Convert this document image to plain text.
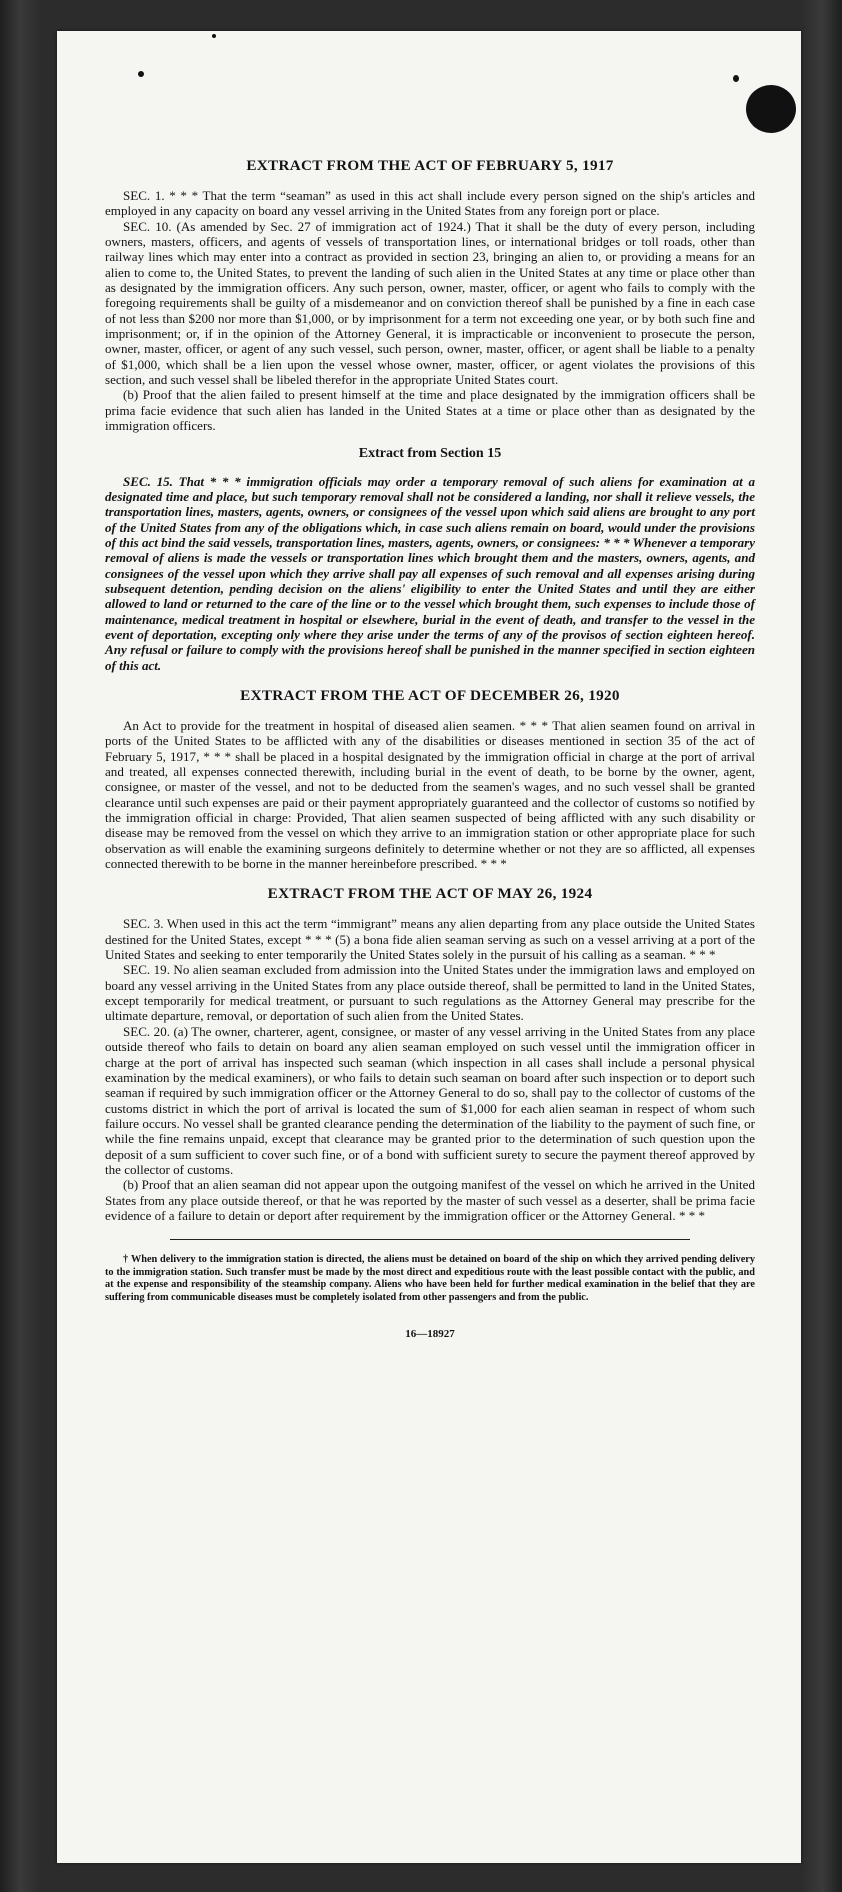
EXTRACT FROM THE ACT OF FEBRUARY 5, 1917

SEC. 1. * * * That the term “seaman” as used in this act shall include every person signed on the ship's articles and employed in any capacity on board any vessel arriving in the United States from any foreign port or place.

SEC. 10. (As amended by Sec. 27 of immigration act of 1924.) That it shall be the duty of every person, including owners, masters, officers, and agents of vessels of transportation lines, or international bridges or toll roads, other than railway lines which may enter into a contract as provided in section 23, bringing an alien to, or providing a means for an alien to come to, the United States, to prevent the landing of such alien in the United States at any time or place other than as designated by the immigration officers. Any such person, owner, master, officer, or agent who fails to comply with the foregoing requirements shall be guilty of a misdemeanor and on conviction thereof shall be punished by a fine in each case of not less than $200 nor more than $1,000, or by imprisonment for a term not exceeding one year, or by both such fine and imprisonment; or, if in the opinion of the Attorney General, it is impracticable or inconvenient to prosecute the person, owner, master, officer, or agent of any such vessel, such person, owner, master, officer, or agent shall be liable to a penalty of $1,000, which shall be a lien upon the vessel whose owner, master, officer, or agent violates the provisions of this section, and such vessel shall be libeled therefor in the appropriate United States court.

(b) Proof that the alien failed to present himself at the time and place designated by the immigration officers shall be prima facie evidence that such alien has landed in the United States at a time or place other than as designated by the immigration officers.

Extract from Section 15

SEC. 15. That * * * immigration officials may order a temporary removal of such aliens for examination at a designated time and place, but such temporary removal shall not be considered a landing, nor shall it relieve vessels, the transportation lines, masters, agents, owners, or consignees of the vessel upon which said aliens are brought to any port of the United States from any of the obligations which, in case such aliens remain on board, would under the provisions of this act bind the said vessels, transportation lines, masters, agents, owners, or consignees: * * * Whenever a temporary removal of aliens is made the vessels or transportation lines which brought them and the masters, owners, agents, and consignees of the vessel upon which they arrive shall pay all expenses of such removal and all expenses arising during subsequent detention, pending decision on the aliens' eligibility to enter the United States and until they are either allowed to land or returned to the care of the line or to the vessel which brought them, such expenses to include those of maintenance, medical treatment in hospital or elsewhere, burial in the event of death, and transfer to the vessel in the event of deportation, excepting only where they arise under the terms of any of the provisos of section eighteen hereof. Any refusal or failure to comply with the provisions hereof shall be punished in the manner specified in section eighteen of this act.

EXTRACT FROM THE ACT OF DECEMBER 26, 1920

An Act to provide for the treatment in hospital of diseased alien seamen. * * * That alien seamen found on arrival in ports of the United States to be afflicted with any of the disabilities or diseases mentioned in section 35 of the act of February 5, 1917, * * * shall be placed in a hospital designated by the immigration official in charge at the port of arrival and treated, all expenses connected therewith, including burial in the event of death, to be borne by the owner, agent, consignee, or master of the vessel, and not to be deducted from the seamen's wages, and no such vessel shall be granted clearance until such expenses are paid or their payment appropriately guaranteed and the collector of customs so notified by the immigration official in charge: Provided, That alien seamen suspected of being afflicted with any such disability or disease may be removed from the vessel on which they arrive to an immigration station or other appropriate place for such observation as will enable the examining surgeons definitely to determine whether or not they are so afflicted, all expenses connected therewith to be borne in the manner hereinbefore prescribed. * * *

EXTRACT FROM THE ACT OF MAY 26, 1924

SEC. 3. When used in this act the term “immigrant” means any alien departing from any place outside the United States destined for the United States, except * * * (5) a bona fide alien seaman serving as such on a vessel arriving at a port of the United States and seeking to enter temporarily the United States solely in the pursuit of his calling as a seaman. * * *

SEC. 19. No alien seaman excluded from admission into the United States under the immigration laws and employed on board any vessel arriving in the United States from any place outside thereof, shall be permitted to land in the United States, except temporarily for medical treatment, or pursuant to such regulations as the Attorney General may prescribe for the ultimate departure, removal, or deportation of such alien from the United States.

SEC. 20. (a) The owner, charterer, agent, consignee, or master of any vessel arriving in the United States from any place outside thereof who fails to detain on board any alien seaman employed on such vessel until the immigration officer in charge at the port of arrival has inspected such seaman (which inspection in all cases shall include a personal physical examination by the medical examiners), or who fails to detain such seaman on board after such inspection or to deport such seaman if required by such immigration officer or the Attorney General to do so, shall pay to the collector of customs of the customs district in which the port of arrival is located the sum of $1,000 for each alien seaman in respect of whom such failure occurs. No vessel shall be granted clearance pending the determination of the liability to the payment of such fine, or while the fine remains unpaid, except that clearance may be granted prior to the determination of such question upon the deposit of a sum sufficient to cover such fine, or of a bond with sufficient surety to secure the payment thereof approved by the collector of customs.

(b) Proof that an alien seaman did not appear upon the outgoing manifest of the vessel on which he arrived in the United States from any place outside thereof, or that he was reported by the master of such vessel as a deserter, shall be prima facie evidence of a failure to detain or deport after requirement by the immigration officer or the Attorney General. * * *

† When delivery to the immigration station is directed, the aliens must be detained on board of the ship on which they arrived pending delivery to the immigration station. Such transfer must be made by the most direct and expeditious route with the least possible contact with the public, and at the expense and responsibility of the steamship company. Aliens who have been held for further medical examination in the belief that they are suffering from communicable diseases must be completely isolated from other passengers and from the public.

16—18927
